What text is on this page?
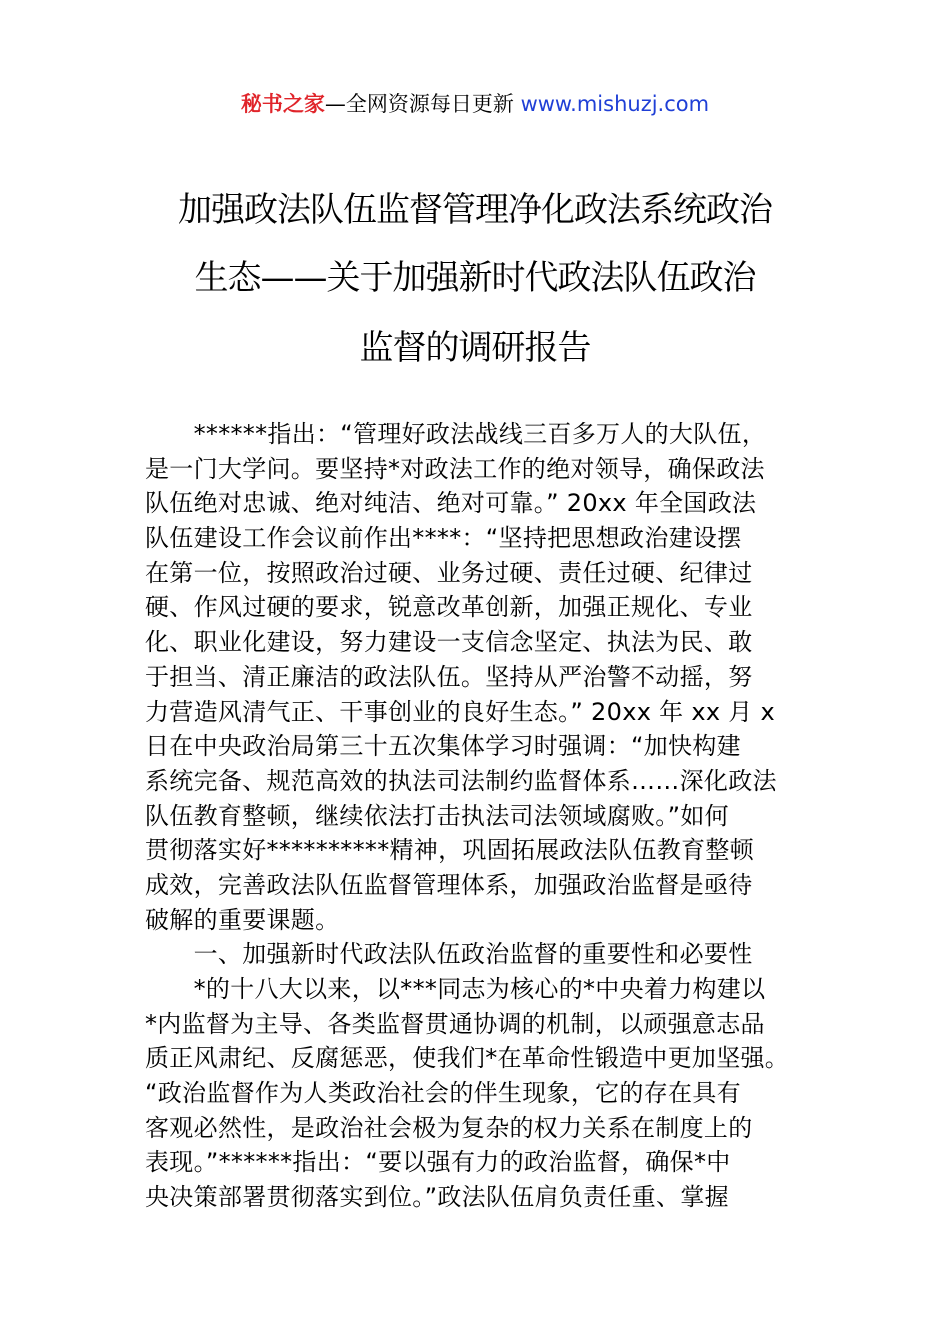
秘书之家—全网资源每日更新 www.mishuzj.com
加强政法队伍监督管理净化政法系统政治
生态——关于加强新时代政法队伍政治
监督的调研报告
　　******指出：“管理好政法战线三百多万人的大队伍，
是一门大学问。要坚持*对政法工作的绝对领导，确保政法
队伍绝对忠诚、绝对纯洁、绝对可靠。” 20xx 年全国政法
队伍建设工作会议前作出****：“坚持把思想政治建设摆
在第一位，按照政治过硬、业务过硬、责任过硬、纪律过
硬、作风过硬的要求，锐意改革创新，加强正规化、专业
化、职业化建设，努力建设一支信念坚定、执法为民、敢
于担当、清正廉洁的政法队伍。坚持从严治警不动摇，努
力营造风清气正、干事创业的良好生态。” 20xx 年 xx 月 x
日在中央政治局第三十五次集体学习时强调：“加快构建
系统完备、规范高效的执法司法制约监督体系……深化政法
队伍教育整顿，继续依法打击执法司法领域腐败。”如何
贯彻落实好**********精神，巩固拓展政法队伍教育整顿
成效，完善政法队伍监督管理体系，加强政治监督是亟待
破解的重要课题。
　　一、加强新时代政法队伍政治监督的重要性和必要性
　　*的十八大以来，以***同志为核心的*中央着力构建以
*内监督为主导、各类监督贯通协调的机制，以顽强意志品
质正风肃纪、反腐惩恶，使我们*在革命性锻造中更加坚强。
“政治监督作为人类政治社会的伴生现象，它的存在具有
客观必然性，是政治社会极为复杂的权力关系在制度上的
表现。”******指出：“要以强有力的政治监督，确保*中
央决策部署贯彻落实到位。”政法队伍肩负责任重、掌握
